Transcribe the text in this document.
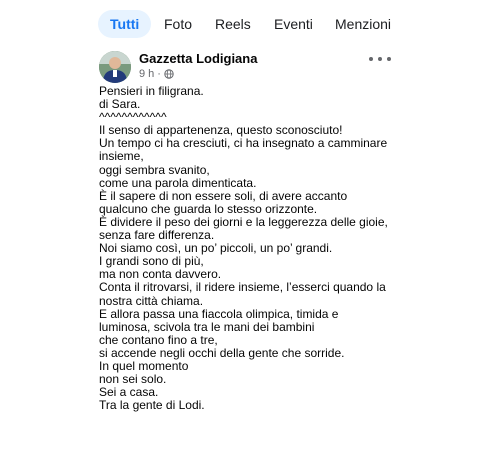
Tutti	Foto Reels Eventi Menzioni
Gazzetta Lodigiana
9 h ·
Pensieri in filigrana.
di Sara.
^^^^^^^^^^^^
Il senso di appartenenza, questo sconosciuto!
Un tempo ci ha cresciuti, ci ha insegnato a camminare
insieme,
oggi sembra svanito,
come una parola dimenticata.
È il sapere di non essere soli, di avere accanto
qualcuno che guarda lo stesso orizzonte.
È dividere il peso dei giorni e la leggerezza delle gioie,
senza fare differenza.
Noi siamo così, un po’ piccoli, un po’ grandi.
I grandi sono di più,
ma non conta davvero.
Conta il ritrovarsi, il ridere insieme, l’esserci quando la
nostra città chiama.
E allora passa una fiaccola olimpica, timida e
luminosa, scivola tra le mani dei bambini
che contano fino a tre,
si accende negli occhi della gente che sorride.
In quel momento
non sei solo.
Sei a casa.
Tra la gente di Lodi.
